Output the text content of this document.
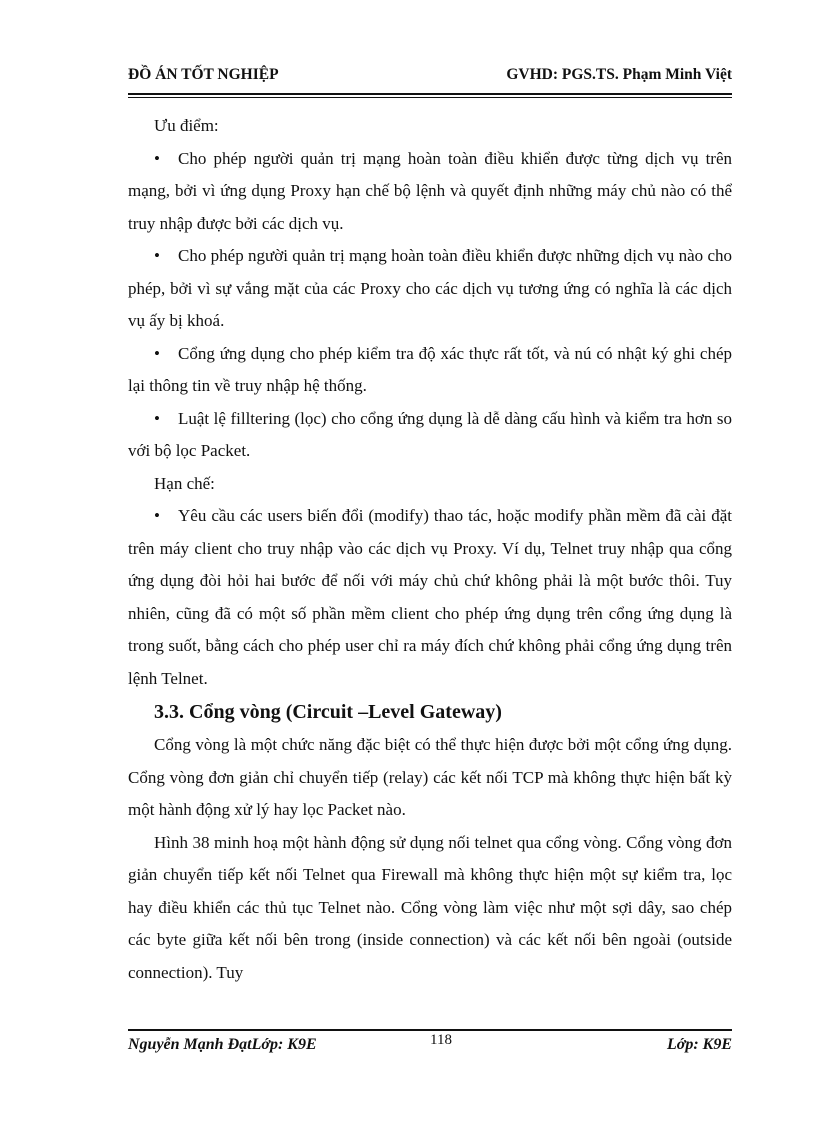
ĐỒ ÁN TỐT NGHIỆP	GVHD: PGS.TS. Phạm Minh Việt

Ưu điểm:

• Cho phép người quản trị mạng hoàn toàn điều khiển được từng dịch vụ trên mạng, bởi vì ứng dụng Proxy hạn chế bộ lệnh và quyết định những máy chủ nào có thể truy nhập được bởi các dịch vụ.

• Cho phép người quản trị mạng hoàn toàn điều khiển được những dịch vụ nào cho phép, bởi vì sự vắng mặt của các Proxy cho các dịch vụ tương ứng có nghĩa là các dịch vụ ấy bị khoá.

• Cổng ứng dụng cho phép kiểm tra độ xác thực rất tốt, và nú có nhật ký ghi chép lại thông tin về truy nhập hệ thống.

• Luật lệ filltering (lọc) cho cổng ứng dụng là dễ dàng cấu hình và kiểm tra hơn so với bộ lọc Packet.

Hạn chế:

• Yêu cầu các users biến đổi (modify) thao tác, hoặc modify phần mềm đã cài đặt trên máy client cho truy nhập vào các dịch vụ Proxy. Ví dụ, Telnet truy nhập qua cổng ứng dụng đòi hỏi hai bước để nối với máy chủ chứ không phải là một bước thôi. Tuy nhiên, cũng đã có một số phần mềm client cho phép ứng dụng trên cổng ứng dụng là trong suốt, bằng cách cho phép user chỉ ra máy đích chứ không phải cổng ứng dụng trên lệnh Telnet.

3.3. Cổng vòng (Circuit –Level Gateway)

Cổng vòng là một chức năng đặc biệt có thể thực hiện được bởi một cổng ứng dụng. Cổng vòng đơn giản chỉ chuyển tiếp (relay) các kết nối TCP mà không thực hiện bất kỳ một hành động xử lý hay lọc Packet nào.

Hình 38 minh hoạ một hành động sử dụng nối telnet qua cổng vòng. Cổng vòng đơn giản chuyển tiếp kết nối Telnet qua Firewall mà không thực hiện một sự kiểm tra, lọc hay điều khiển các thủ tục Telnet nào. Cổng vòng làm việc như một sợi dây, sao chép các byte giữa kết nối bên trong (inside connection) và các kết nối bên ngoài (outside connection). Tuy

Nguyễn Mạnh ĐạtLớp: K9E	118	Lớp: K9E
